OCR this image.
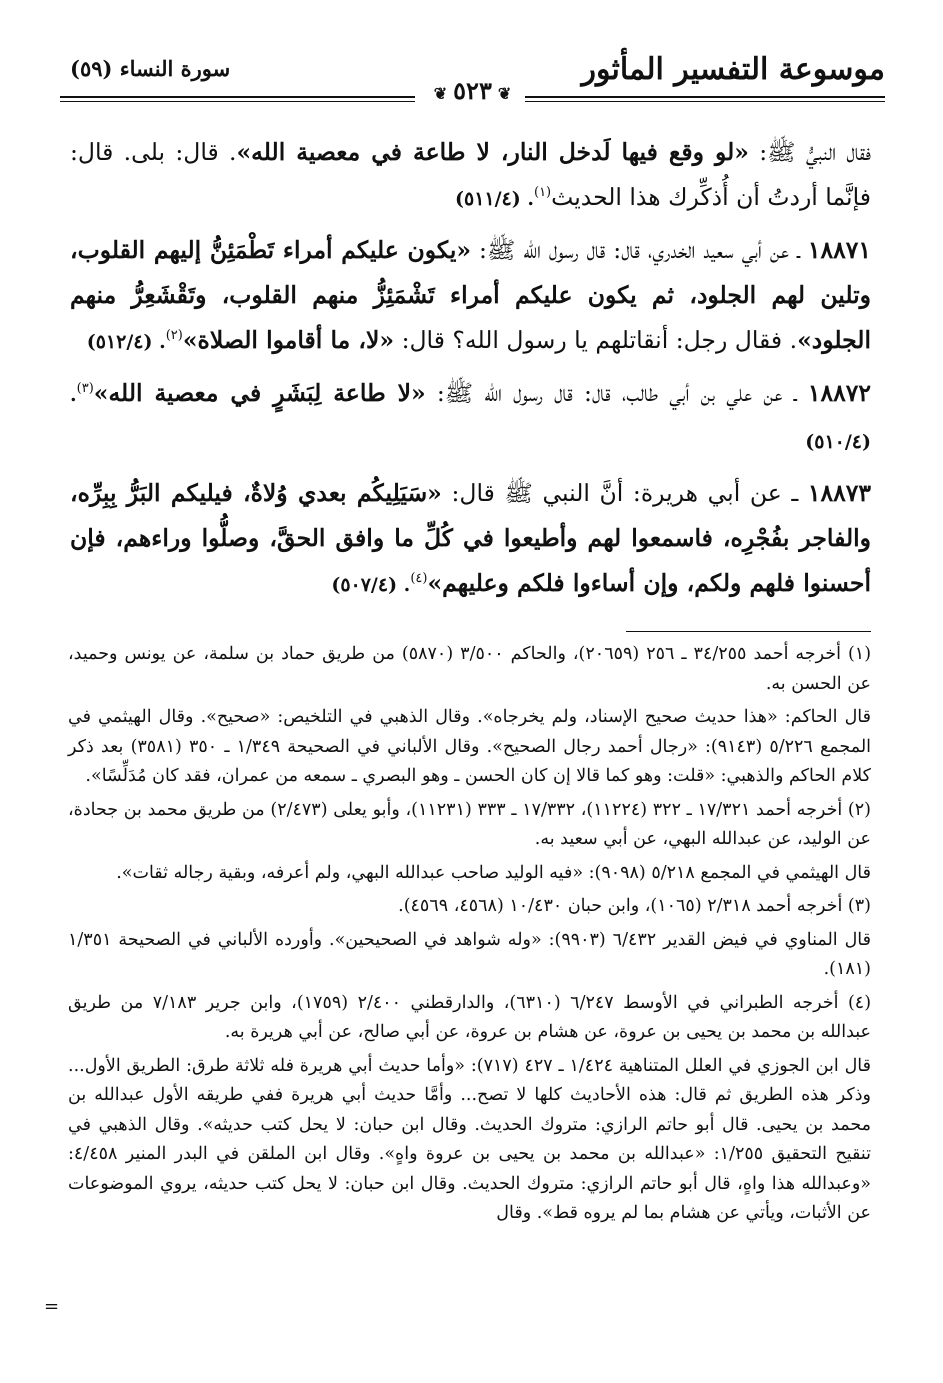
موسوعة التفسير المأثور
سورة النساء (٥٩)
❦٥٢٣❦

فقال النبيُّ ﷺ: «لو وقع فيها لَدخل النار، لا طاعة في معصية الله». قال: بلى. قال: فإنَّما أردتُ أن أُذكِّرك هذا الحديث$^{(١)}$. (٥١١/٤)

١٨٨٧١ ـ عن أبي سعيد الخدري، قال: قال رسول الله ﷺ: «يكون عليكم أمراء تَطْمَئِنُّ إليهم القلوب، وتلين لهم الجلود، ثم يكون عليكم أمراء تَشْمَئِزُّ منهم القلوب، وتَقْشَعِرُّ منهم الجلود». فقال رجل: أنقاتلهم يا رسول الله؟ قال: «لا، ما أقاموا الصلاة»$^{(٢)}$. (٥١٢/٤)

١٨٨٧٢ ـ عن علي بن أبي طالب، قال: قال رسول الله ﷺ: «لا طاعة لِبَشَرٍ في معصية الله»$^{(٣)}$. (٥١٠/٤)

١٨٨٧٣ ـ عن أبي هريرة: أنَّ النبي ﷺ قال: «سَيَلِيكُم بعدي وُلاةٌ، فيليكم البَرُّ بِبِرِّه، والفاجر بفُجْرِه، فاسمعوا لهم وأطيعوا في كُلِّ ما وافق الحقَّ، وصلُّوا وراءهم، فإن أحسنوا فلهم ولكم، وإن أساءوا فلكم وعليهم»$^{(٤)}$. (٥٠٧/٤)

(١) أخرجه أحمد ٣٤/٢٥٥ ـ ٢٥٦ (٢٠٦٥٩)، والحاكم ٣/٥٠٠ (٥٨٧٠) من طريق حماد بن سلمة، عن يونس وحميد، عن الحسن به.

قال الحاكم: «هذا حديث صحيح الإسناد، ولم يخرجاه». وقال الذهبي في التلخيص: «صحيح». وقال الهيثمي في المجمع ٥/٢٢٦ (٩١٤٣): «رجال أحمد رجال الصحيح». وقال الألباني في الصحيحة ١/٣٤٩ ـ ٣٥٠ (٣٥٨١) بعد ذكر كلام الحاكم والذهبي: «قلت: وهو كما قالا إن كان الحسن ـ وهو البصري ـ سمعه من عمران، فقد كان مُدَلِّسًا».

(٢) أخرجه أحمد ١٧/٣٢١ ـ ٣٢٢ (١١٢٢٤)، ١٧/٣٣٢ ـ ٣٣٣ (١١٢٣١)، وأبو يعلى (٢/٤٧٣) من طريق محمد بن جحادة، عن الوليد، عن عبدالله البهي، عن أبي سعيد به.

قال الهيثمي في المجمع ٥/٢١٨ (٩٠٩٨): «فيه الوليد صاحب عبدالله البهي، ولم أعرفه، وبقية رجاله ثقات».

(٣) أخرجه أحمد ٢/٣١٨ (١٠٦٥)، وابن حبان ١٠/٤٣٠ (٤٥٦٨، ٤٥٦٩).

قال المناوي في فيض القدير ٦/٤٣٢ (٩٩٠٣): «وله شواهد في الصحيحين». وأورده الألباني في الصحيحة ١/٣٥١ (١٨١).

(٤) أخرجه الطبراني في الأوسط ٦/٢٤٧ (٦٣١٠)، والدارقطني ٢/٤٠٠ (١٧٥٩)، وابن جرير ٧/١٨٣ من طريق عبدالله بن محمد بن يحيى بن عروة، عن هشام بن عروة، عن أبي صالح، عن أبي هريرة به.

قال ابن الجوزي في العلل المتناهية ١/٤٢٤ ـ ٤٢٧ (٧١٧): «وأما حديث أبي هريرة فله ثلاثة طرق: الطريق الأول... وذكر هذه الطريق ثم قال: هذه الأحاديث كلها لا تصح... وأمَّا حديث أبي هريرة ففي طريقه الأول عبدالله بن محمد بن يحيى. قال أبو حاتم الرازي: متروك الحديث. وقال ابن حبان: لا يحل كتب حديثه». وقال الذهبي في تنقيح التحقيق ١/٢٥٥: «عبدالله بن محمد بن يحيى بن عروة واهٍ». وقال ابن الملقن في البدر المنير ٤/٤٥٨: «وعبدالله هذا واهٍ، قال أبو حاتم الرازي: متروك الحديث. وقال ابن حبان: لا يحل كتب حديثه، يروي الموضوعات عن الأثبات، ويأتي عن هشام بما لم يروه قط». وقال

=
